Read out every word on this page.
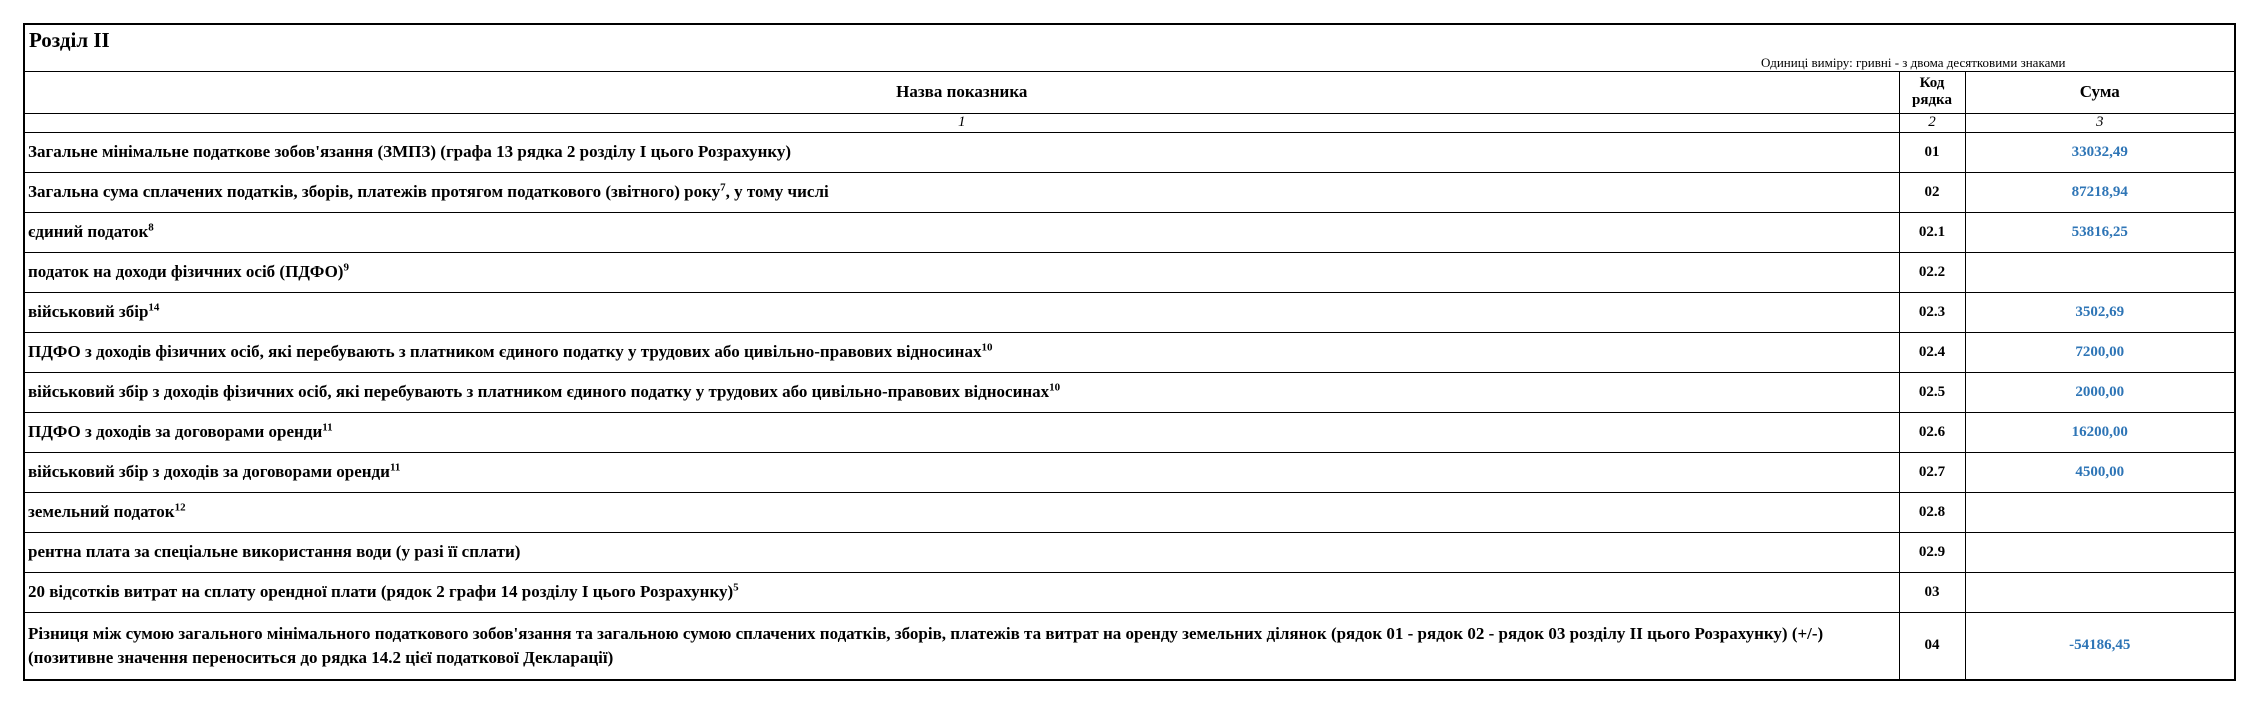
Розділ ІІ
Одиниці виміру: гривні - з двома десятковими знаками
Назва показника	Код рядка	Сума
1	2	3
Загальне мінімальне податкове зобов'язання (ЗМПЗ) (графа 13 рядка 2 розділу І цього Розрахунку)	01	33032,49
Загальна сума сплачених податків, зборів, платежів протягом податкового (звітного) року$^7$, у тому числі	02	87218,94
єдиний податок$^8$	02.1	53816,25
податок на доходи фізичних осіб (ПДФО)$^9$	02.2	
військовий збір$^{14}$	02.3	3502,69
ПДФО з доходів фізичних осіб, які перебувають з платником єдиного податку у трудових або цивільно-правових відносинах$^{10}$	02.4	7200,00
військовий збір з доходів фізичних осіб, які перебувають з платником єдиного податку у трудових або цивільно-правових відносинах$^{10}$	02.5	2000,00
ПДФО з доходів за договорами оренди$^{11}$	02.6	16200,00
військовий збір з доходів за договорами оренди$^{11}$	02.7	4500,00
земельний податок$^{12}$	02.8	
рентна плата за спеціальне використання води (у разі її сплати)	02.9	
20 відсотків витрат на сплату орендної плати (рядок 2 графи 14 розділу І цього Розрахунку)$^5$	03	
Різниця між сумою загального мінімального податкового зобов'язання та загальною сумою сплачених податків, зборів, платежів та витрат на оренду земельних ділянок (рядок 01 - рядок 02 - рядок 03 розділу ІІ цього Розрахунку) (+/-) (позитивне значення переноситься до рядка 14.2 цієї податкової Декларації)	04	-54186,45
